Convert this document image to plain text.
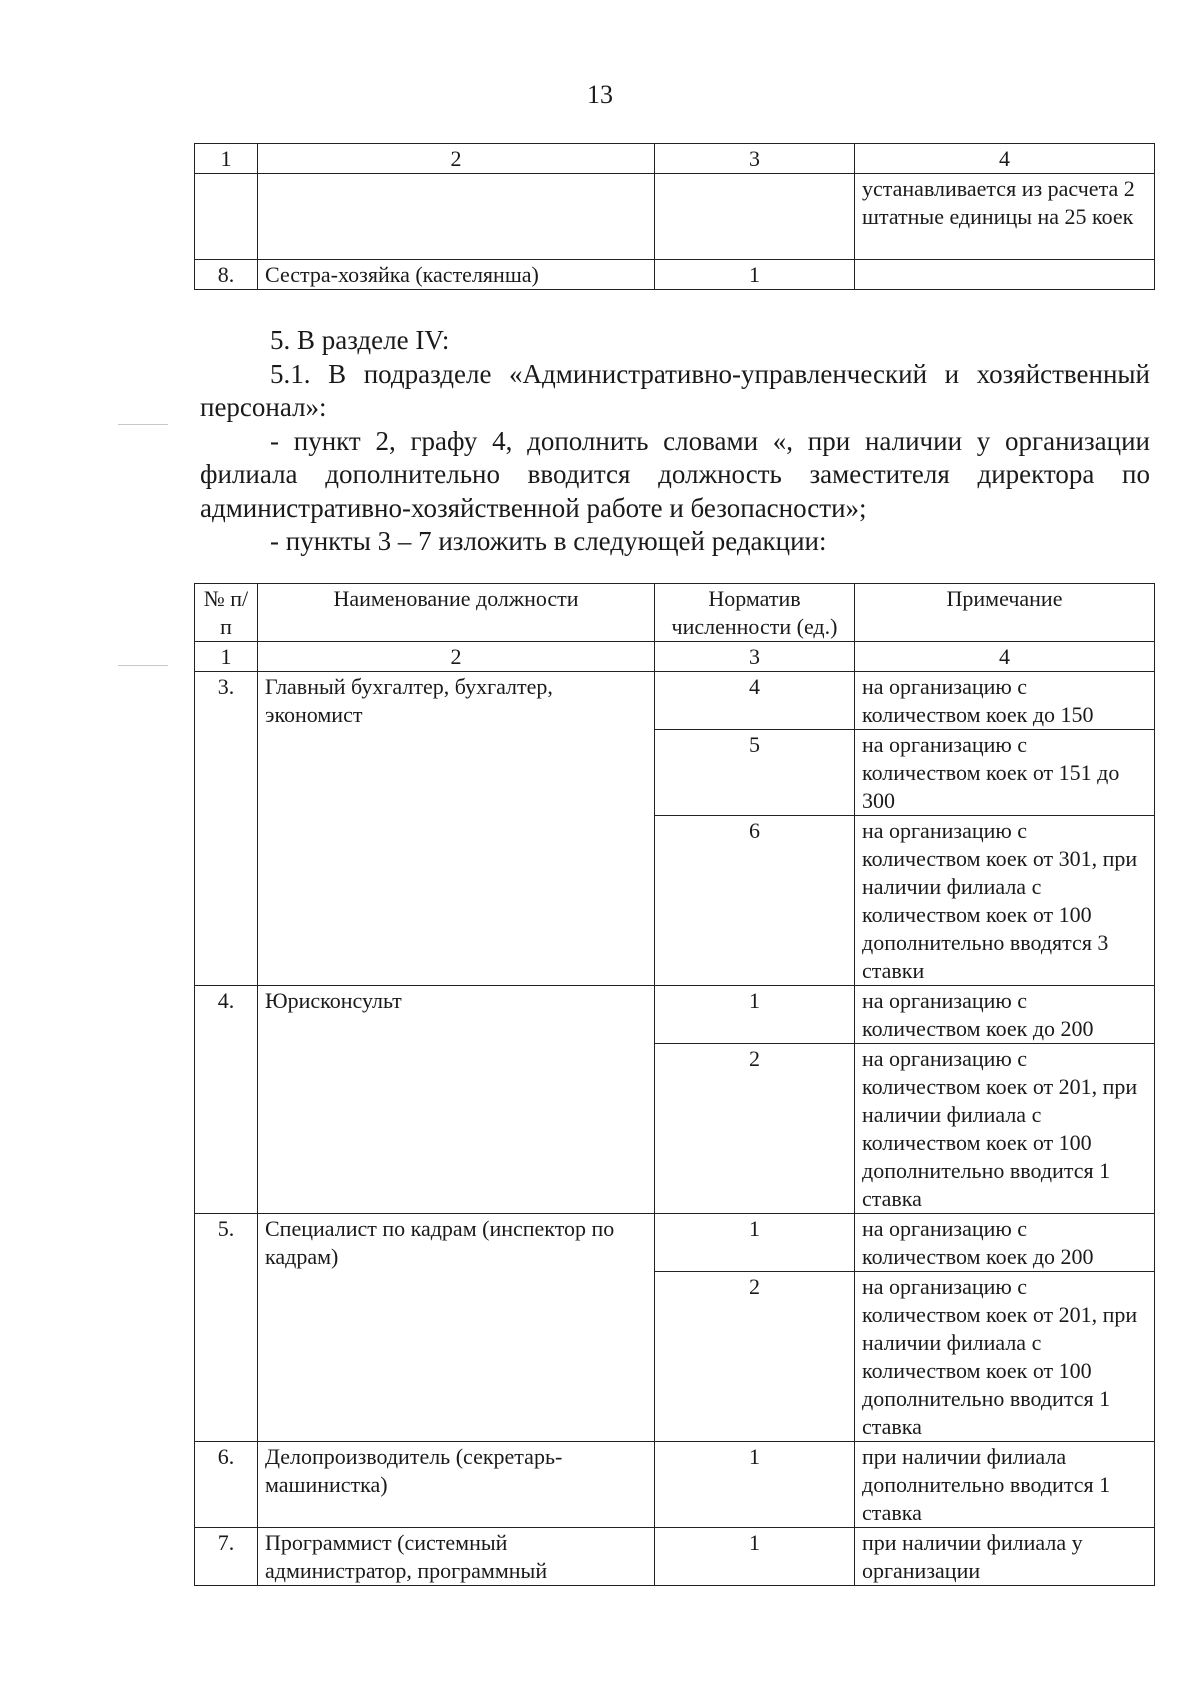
13
1	2	3	4
			устанавливается из расчета 2 штатные единицы на 25 коек
8.	Сестра-хозяйка (кастелянша)	1	

5. В разделе IV:

5.1. В подразделе «Административно-управленческий и хозяйственный персонал»:

- пункт 2, графу 4, дополнить словами «, при наличии у организации филиала дополнительно вводится должность заместителя директора по административно-хозяйственной работе и безопасности»;

- пункты 3 – 7 изложить в следующей редакции:

№ п/п	Наименование должности	Норматив численности (ед.)	Примечание
1	2	3	4
3.	Главный бухгалтер, бухгалтер, экономист	4	на организацию с количеством коек до 150
		5	на организацию с количеством коек от 151 до 300
		6	на организацию с количеством коек от 301, при наличии филиала с количеством коек от 100 дополнительно вводятся 3 ставки
4.	Юрисконсульт	1	на организацию с количеством коек до 200
		2	на организацию с количеством коек от 201, при наличии филиала с количеством коек от 100 дополнительно вводится 1 ставка
5.	Специалист по кадрам (инспектор по кадрам)	1	на организацию с количеством коек до 200
		2	на организацию с количеством коек от 201, при наличии филиала с количеством коек от 100 дополнительно вводится 1 ставка
6.	Делопроизводитель (секретарь-машинистка)	1	при наличии филиала дополнительно вводится 1 ставка
7.	Программист (системный администратор, программный	1	при наличии филиала у организации
